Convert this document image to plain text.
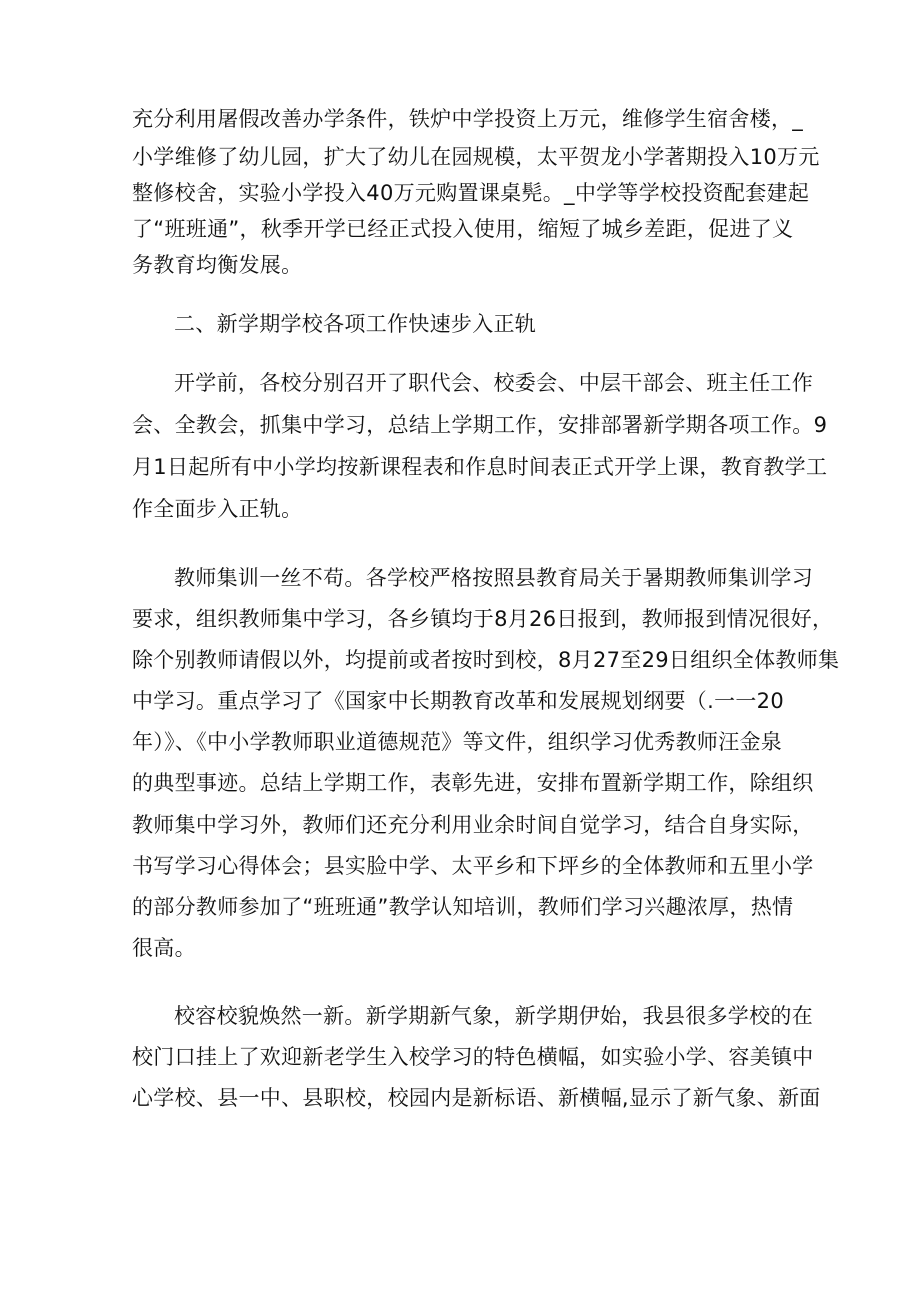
充分利用屠假改善办学条件，铁炉中学投资上万元，维修学生宿舍楼，_
小学维修了幼儿园，扩大了幼儿在园规模，太平贺龙小学著期投入10万元
整修校舍，实验小学投入40万元购置课桌髡。_中学等学校投资配套建起
了“班班通”，秋季开学已经正式投入使用，缩短了城乡差距，促进了义
务教育均衡发展。
二、新学期学校各项工作快速步入正轨
开学前，各校分别召开了职代会、校委会、中层干部会、班主任工作
会、全教会，抓集中学习，总结上学期工作，安排部署新学期各项工作。9
月1日起所有中小学均按新课程表和作息时间表正式开学上课，教育教学工
作全面步入正轨。
教师集训一丝不苟。各学校严格按照县教育局关于暑期教师集训学习
要求，组织教师集中学习，各乡镇均于8月26日报到，教师报到情况很好，
除个别教师请假以外，均提前或者按时到校，8月27至29日组织全体教师集
中学习。重点学习了《国家中长期教育改革和发展规划纲要（.一一20
年）》、《中小学教师职业道德规范》等文件，组织学习优秀教师汪金泉
的典型事迹。总结上学期工作，表彰先进，安排布置新学期工作，除组织
教师集中学习外，教师们还充分利用业余时间自觉学习，结合自身实际，
书写学习心得体会；县实脸中学、太平乡和下坪乡的全体教师和五里小学
的部分教师参加了“班班通”教学认知培训，教师们学习兴趣浓厚，热情
很高。
校容校貌焕然一新。新学期新气象，新学期伊始，我县很多学校的在
校门口挂上了欢迎新老学生入校学习的特色横幅，如实验小学、容美镇中
心学校、县一中、县职校，校园内是新标语、新横幅,显示了新气象、新面
